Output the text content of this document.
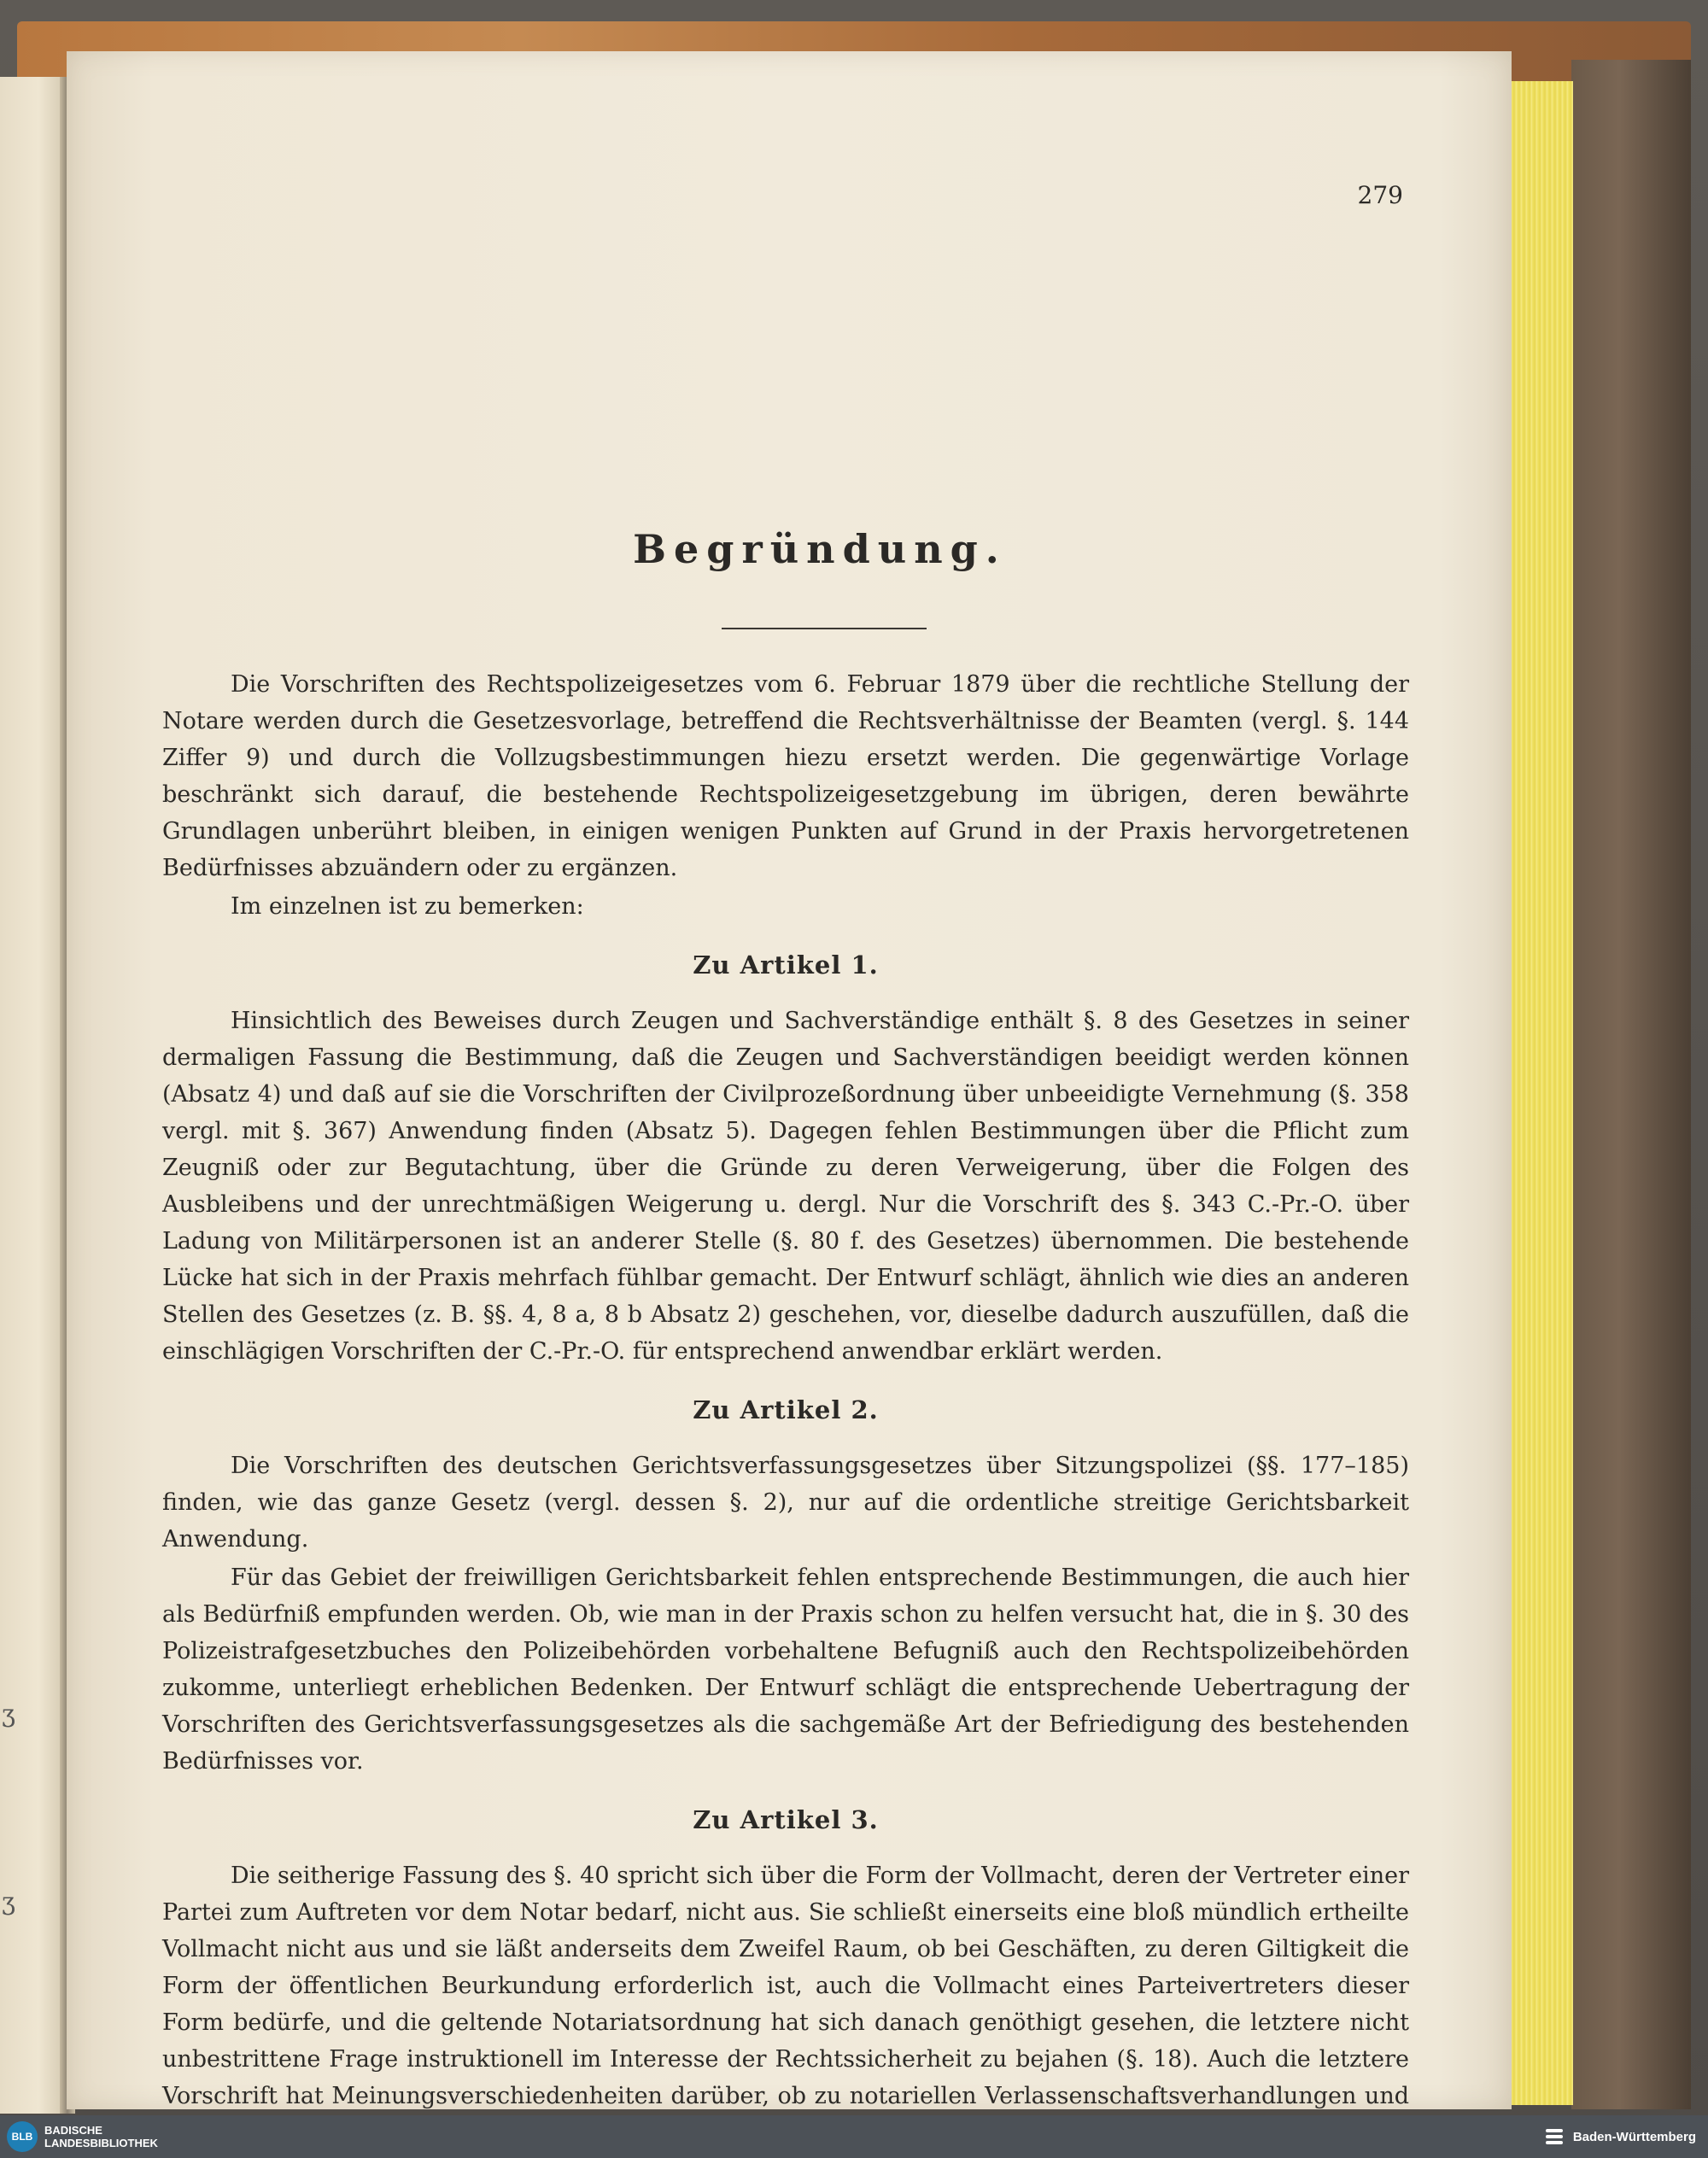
ʒ
ʒ
279
Begründung.

Die Vorschriften des Rechtspolizeigesetzes vom 6. Februar 1879 über die rechtliche Stellung der Notare werden durch die Gesetzesvorlage, betreffend die Rechtsverhältnisse der Beamten (vergl. §. 144 Ziffer 9) und durch die Vollzugsbestimmungen hiezu ersetzt werden. Die gegenwärtige Vorlage beschränkt sich darauf, die bestehende Rechtspolizeigesetzgebung im übrigen, deren bewährte Grundlagen unberührt bleiben, in einigen wenigen Punkten auf Grund in der Praxis hervorgetretenen Bedürfnisses abzuändern oder zu ergänzen.

Im einzelnen ist zu bemerken:

Zu Artikel 1.

Hinsichtlich des Beweises durch Zeugen und Sachverständige enthält §. 8 des Gesetzes in seiner dermaligen Fassung die Bestimmung, daß die Zeugen und Sachverständigen beeidigt werden können (Absatz 4) und daß auf sie die Vorschriften der Civilprozeßordnung über unbeeidigte Vernehmung (§. 358 vergl. mit §. 367) Anwendung finden (Absatz 5). Dagegen fehlen Bestimmungen über die Pflicht zum Zeugniß oder zur Begutachtung, über die Gründe zu deren Verweigerung, über die Folgen des Ausbleibens und der unrechtmäßigen Weigerung u. dergl. Nur die Vorschrift des §. 343 C.-Pr.-O. über Ladung von Militärpersonen ist an anderer Stelle (§. 80 f. des Gesetzes) übernommen. Die bestehende Lücke hat sich in der Praxis mehrfach fühlbar gemacht. Der Entwurf schlägt, ähnlich wie dies an anderen Stellen des Gesetzes (z. B. §§. 4, 8 a, 8 b Absatz 2) geschehen, vor, dieselbe dadurch auszufüllen, daß die einschlägigen Vorschriften der C.-Pr.-O. für entsprechend anwendbar erklärt werden.

Zu Artikel 2.

Die Vorschriften des deutschen Gerichtsverfassungsgesetzes über Sitzungspolizei (§§. 177–185) finden, wie das ganze Gesetz (vergl. dessen §. 2), nur auf die ordentliche streitige Gerichtsbarkeit Anwendung.

Für das Gebiet der freiwilligen Gerichtsbarkeit fehlen entsprechende Bestimmungen, die auch hier als Bedürfniß empfunden werden. Ob, wie man in der Praxis schon zu helfen versucht hat, die in §. 30 des Polizeistrafgesetzbuches den Polizeibehörden vorbehaltene Befugniß auch den Rechtspolizeibehörden zukomme, unterliegt erheblichen Bedenken. Der Entwurf schlägt die entsprechende Uebertragung der Vorschriften des Gerichtsverfassungsgesetzes als die sachgemäße Art der Befriedigung des bestehenden Bedürfnisses vor.

Zu Artikel 3.

Die seitherige Fassung des §. 40 spricht sich über die Form der Vollmacht, deren der Vertreter einer Partei zum Auftreten vor dem Notar bedarf, nicht aus. Sie schließt einerseits eine bloß mündlich ertheilte Vollmacht nicht aus und sie läßt anderseits dem Zweifel Raum, ob bei Geschäften, zu deren Giltigkeit die Form der öffentlichen Beurkundung erforderlich ist, auch die Vollmacht eines Parteivertreters dieser Form bedürfe, und die geltende Notariatsordnung hat sich danach genöthigt gesehen, die letztere nicht unbestrittene Frage instruktionell im Interesse der Rechtssicherheit zu bejahen (§. 18). Auch die letztere Vorschrift hat Meinungsverschiedenheiten darüber, ob zu notariellen Verlassenschaftsverhandlungen und

BLB	BADISCHE
LANDESBIBLIOTHEK	Baden-Württemberg
